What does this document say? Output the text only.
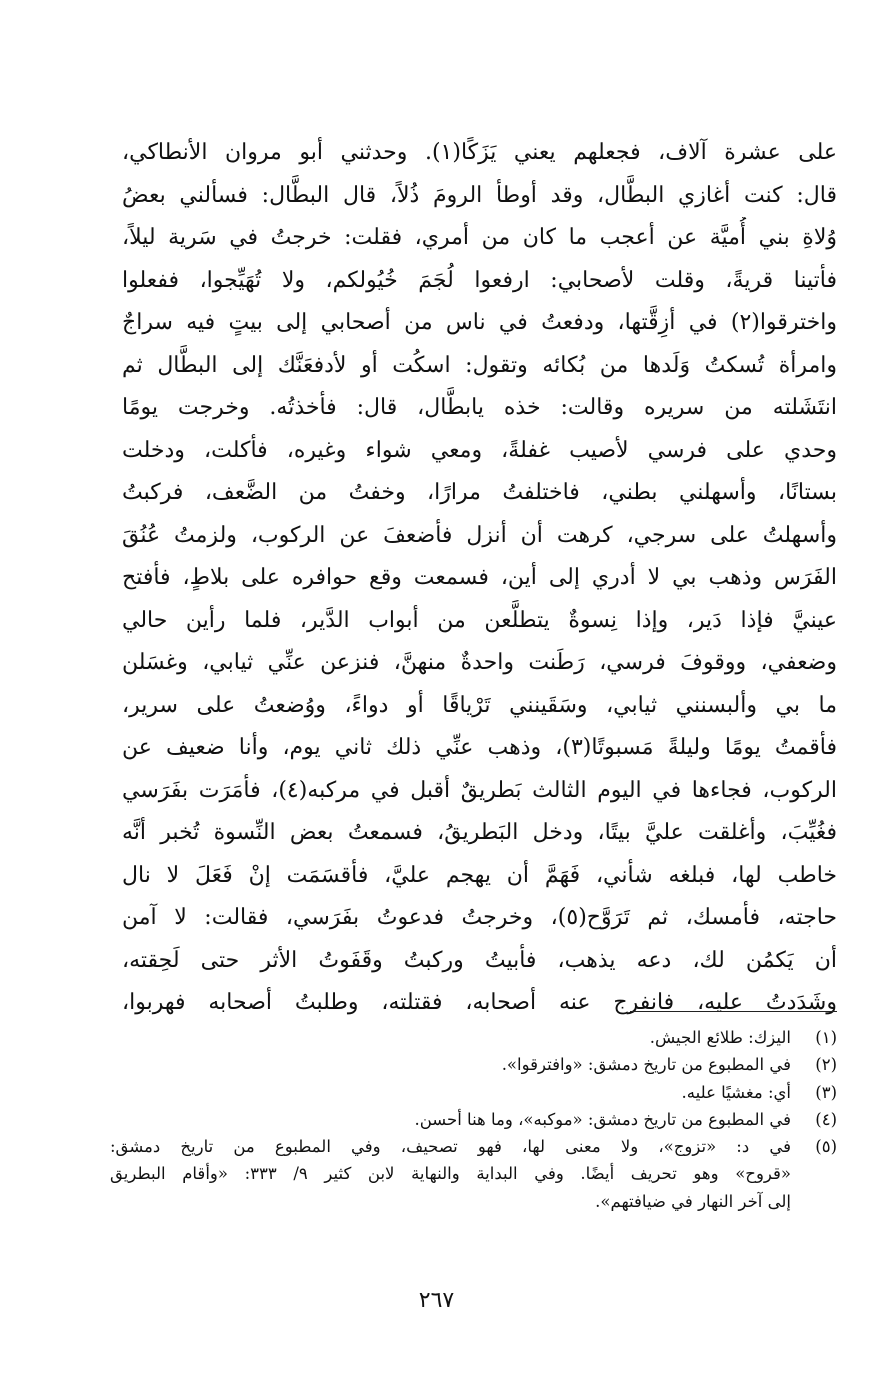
على عشرة آلاف، فجعلهم يعني يَزَكًا(١). وحدثني أبو مروان الأنطاكي،
قال: كنت أغازي البطَّال، وقد أوطأ الرومَ ذُلاً، قال البطَّال: فسألني بعضُ
وُلاةِ بني أُميَّة عن أعجب ما كان من أمري، فقلت: خرجتُ في سَرية ليلاً،
فأتينا قريةً، وقلت لأصحابي: ارفعوا لُجَمَ خُيُولكم، ولا تُهَيِّجوا، ففعلوا
واخترقوا(٢) في أزِقَّتها، ودفعتُ في ناس من أصحابي إلى بيتٍ فيه سراجٌ
وامرأة تُسكتُ وَلَدها من بُكائه وتقول: اسكُت أو لأدفعَنَّك إلى البطَّال ثم
انتَشَلته من سريره وقالت: خذه يابطَّال، قال: فأخذتُه. وخرجت يومًا
وحدي على فرسي لأصيب غفلةً، ومعي شواء وغيره، فأكلت، ودخلت
بستانًا، وأسهلني بطني، فاختلفتُ مرارًا، وخفتُ من الضَّعف، فركبتُ
وأسهلتُ على سرجي، كرهت أن أنزل فأضعفَ عن الركوب، ولزمتُ عُنُقَ
الفَرَس وذهب بي لا أدري إلى أين، فسمعت وقع حوافره على بلاطٍ، فأفتح
عينيَّ فإذا دَير، وإذا نِسوةٌ يتطلَّعن من أبواب الدَّير، فلما رأين حالي
وضعفي، ووقوفَ فرسي، رَطَنت واحدةٌ منهنَّ، فنزعن عنِّي ثيابي، وغسَلن
ما بي وألبسنني ثيابي، وسَقَينني تَرْياقًا أو دواءً، ووُضعتُ على سرير،
فأقمتُ يومًا وليلةً مَسبوتًا(٣)، وذهب عنِّي ذلك ثاني يوم، وأنا ضعيف عن
الركوب، فجاءها في اليوم الثالث بَطريقٌ أقبل في مركبه(٤)، فأمَرَت بفَرَسي
فغُيِّبَ، وأغلقت عليَّ بيتًا، ودخل البَطريقُ، فسمعتُ بعض النِّسوة تُخبر أنَّه
خاطب لها، فبلغه شأني، فَهَمَّ أن يهجم عليَّ، فأقسَمَت إنْ فَعَلَ لا نال
حاجته، فأمسك، ثم تَرَوَّح(٥)، وخرجتُ فدعوتُ بفَرَسي، فقالت: لا آمن
أن يَكمُن لك، دعه يذهب، فأبيتُ وركبتُ وقَفَوتُ الأثر حتى لَحِقته،
وشَدَدتُ عليه، فانفرج عنه أصحابه، فقتلته، وطلبتُ أصحابه فهربوا،
(١)
اليزك: طلائع الجيش.
(٢)
في المطبوع من تاريخ دمشق: «وافترقوا».
(٣)
أي: مغشيًا عليه.
(٤)
في المطبوع من تاريخ دمشق: «موكبه»، وما هنا أحسن.
(٥)
في د: «تزوج»، ولا معنى لها، فهو تصحيف، وفي المطبوع من تاريخ دمشق:
«قروح» وهو تحريف أيضًا. وفي البداية والنهاية لابن كثير ٩/ ٣٣٣: «وأقام البطريق
إلى آخر النهار في ضيافتهم».
٢٦٧
